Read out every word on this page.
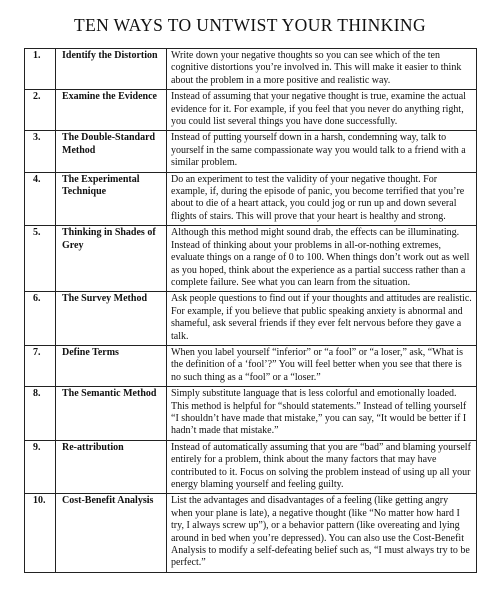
TEN WAYS TO UNTWIST YOUR THINKING
1.	Identify the Distortion	Write down your negative thoughts so you can see which of the ten cognitive distortions you’re involved in. This will make it easier to think about the problem in a more positive and realistic way.
2.	Examine the Evidence	Instead of assuming that your negative thought is true, examine the actual evidence for it. For example, if you feel that you never do anything right, you could list several things you have done successfully.
3.	The Double-Standard Method	Instead of putting yourself down in a harsh, condemning way, talk to yourself in the same compassionate way you would talk to a friend with a similar problem.
4.	The Experimental Technique	Do an experiment to test the validity of your negative thought. For example, if, during the episode of panic, you become terrified that you’re about to die of a heart attack, you could jog or run up and down several flights of stairs. This will prove that your heart is healthy and strong.
5.	Thinking in Shades of Grey	Although this method might sound drab, the effects can be illuminating. Instead of thinking about your problems in all-or-nothing extremes, evaluate things on a range of 0 to 100. When things don’t work out as well as you hoped, think about the experience as a partial success rather than a complete failure. See what you can learn from the situation.
6.	The Survey Method	Ask people questions to find out if your thoughts and attitudes are realistic. For example, if you believe that public speaking anxiety is abnormal and shameful, ask several friends if they ever felt nervous before they gave a talk.
7.	Define Terms	When you label yourself “inferior” or “a fool” or “a loser,” ask, “What is the definition of a ‘fool’?” You will feel better when you see that there is no such thing as a “fool” or a “loser.”
8.	The Semantic Method	Simply substitute language that is less colorful and emotionally loaded. This method is helpful for “should statements.” Instead of telling yourself “I shouldn’t have made that mistake,” you can say, “It would be better if I hadn’t made that mistake.”
9.	Re-attribution	Instead of automatically assuming that you are “bad” and blaming yourself entirely for a problem, think about the many factors that may have contributed to it. Focus on solving the problem instead of using up all your energy blaming yourself and feeling guilty.
10.	Cost-Benefit Analysis	List the advantages and disadvantages of a feeling (like getting angry when your plane is late), a negative thought (like “No matter how hard I try, I always screw up”), or a behavior pattern (like overeating and lying around in bed when you’re depressed). You can also use the Cost-Benefit Analysis to modify a self-defeating belief such as, “I must always try to be perfect.”
